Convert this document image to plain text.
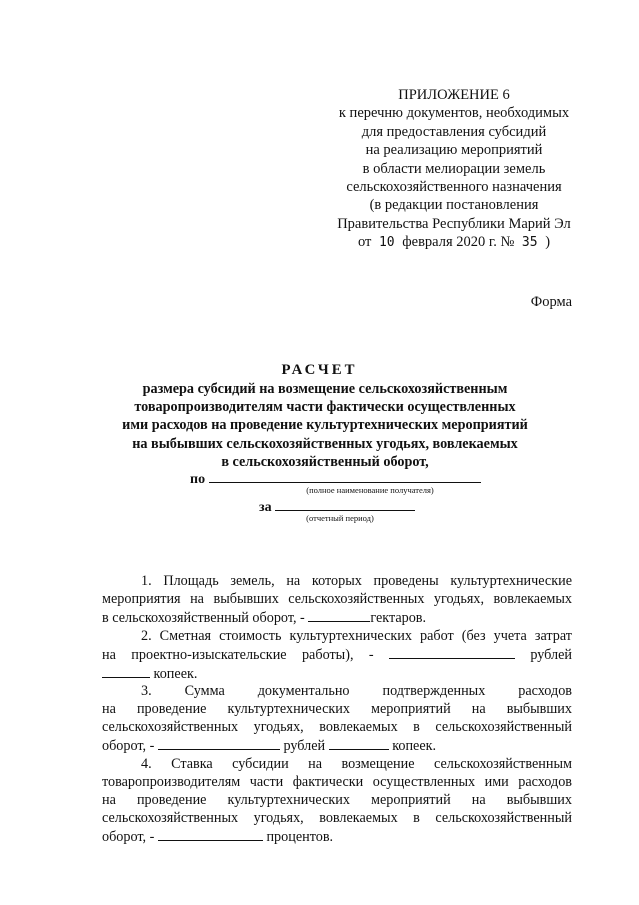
ПРИЛОЖЕНИЕ 6
к перечню документов, необходимых
для предоставления субсидий
на реализацию мероприятий
в области мелиорации земель
сельскохозяйственного назначения
(в редакции постановления
Правительства Республики Марий Эл
от 10 февраля 2020 г. № 35 )
Форма
РАСЧЕТ
размера субсидий на возмещение сельскохозяйственным
товаропроизводителям части фактически осуществленных
ими расходов на проведение культуртехнических мероприятий
на выбывших сельскохозяйственных угодьях, вовлекаемых
в сельскохозяйственный оборот,
по
(полное наименование получателя)
за
(отчетный период)

1. Площадь земель, на которых проведены культуртехнические
мероприятия на выбывших сельскохозяйственных угодьях, вовлекаемых
в сельскохозяйственный оборот, -	гектаров.

2. Сметная стоимость культуртехнических работ (без учета затрат
на проектно-изыскательские работы), -	рублей
копеек.

3. Сумма документально подтвержденных расходов
на проведение культуртехнических мероприятий на выбывших
сельскохозяйственных угодьях, вовлекаемых в сельскохозяйственный
оборот, -	рублей	копеек.

4. Ставка субсидии на возмещение сельскохозяйственным
товаропроизводителям части фактически осуществленных ими расходов
на проведение культуртехнических мероприятий на выбывших
сельскохозяйственных угодьях, вовлекаемых в сельскохозяйственный
оборот, -	процентов.
